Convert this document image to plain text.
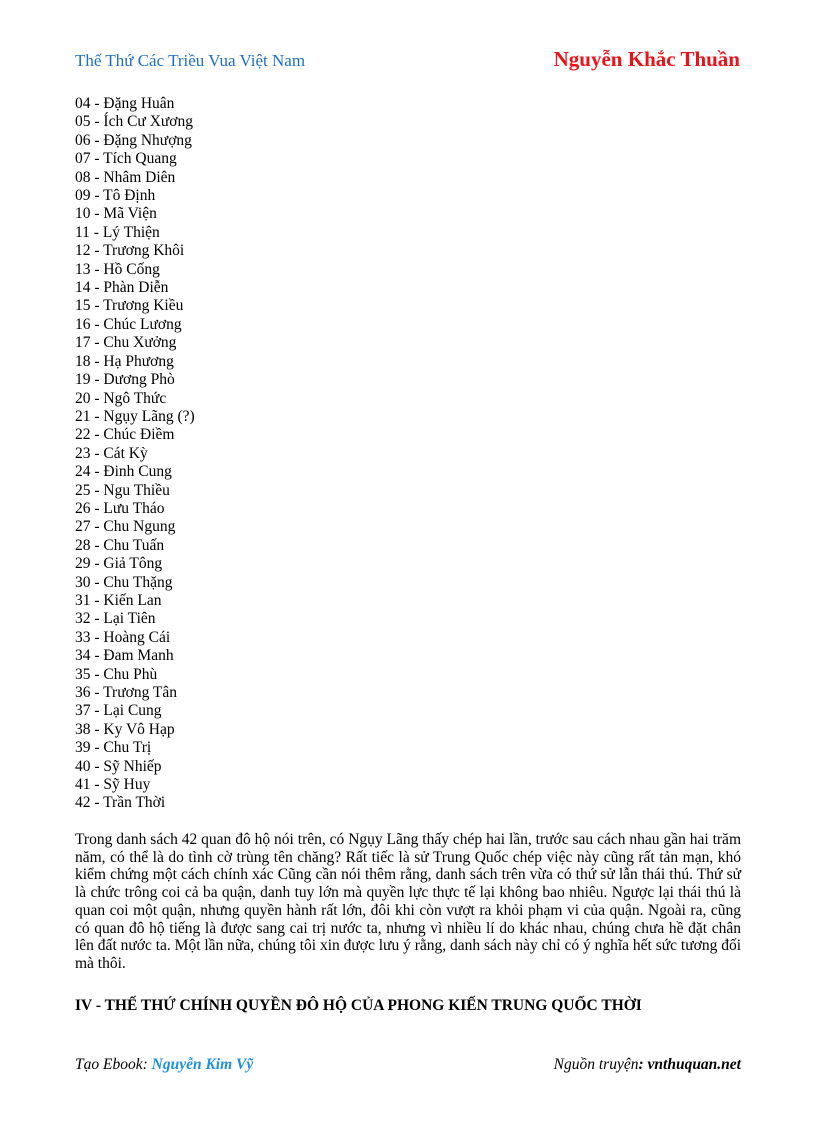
Thế Thứ Các Triều Vua Việt Nam	Nguyễn Khắc Thuần
04 - Đặng Huân
05 - Ích Cư Xương
06 - Đặng Nhượng
07 - Tích Quang
08 - Nhâm Diên
09 - Tô Định
10 - Mã Viện
11 - Lý Thiện
12 - Trương Khôi
13 - Hồ Cống
14 - Phàn Diễn
15 - Trương Kiều
16 - Chúc Lương
17 - Chu Xưởng
18 - Hạ Phương
19 - Dương Phò
20 - Ngô Thức
21 - Ngụy Lãng (?)
22 - Chúc Điềm
23 - Cát Kỳ
24 - Đinh Cung
25 - Ngu Thiều
26 - Lưu Tháo
27 - Chu Ngung
28 - Chu Tuấn
29 - Giả Tông
30 - Chu Thặng
31 - Kiến Lan
32 - Lại Tiên
33 - Hoàng Cái
34 - Đam Manh
35 - Chu Phù
36 - Trương Tân
37 - Lại Cung
38 - Ky Vô Hạp
39 - Chu Trị
40 - Sỹ Nhiếp
41 - Sỹ Huy
42 - Trần Thời

Trong danh sách 42 quan đô hộ nói trên, có Ngụy Lãng thấy chép hai lần, trước sau cách nhau gần hai trăm năm, có thể là do tình cờ trùng tên chăng? Rất tiếc là sử Trung Quốc chép việc này cũng rất tản mạn, khó kiểm chứng một cách chính xác Cũng cần nói thêm rằng, danh sách trên vừa có thứ sử lẫn thái thú. Thứ sử là chức trông coi cả ba quận, danh tuy lớn mà quyền lực thực tế lại không bao nhiêu. Ngược lại thái thú là quan coi một quận, nhưng quyền hành rất lớn, đôi khi còn vượt ra khỏi phạm vi của quận. Ngoài ra, cũng có quan đô hộ tiếng là được sang cai trị nước ta, nhưng vì nhiều lí do khác nhau, chúng chưa hề đặt chân lên đất nước ta. Một lần nữa, chúng tôi xin được lưu ý rằng, danh sách này chỉ có ý nghĩa hết sức tương đối mà thôi.

IV - THẾ THỨ CHÍNH QUYỀN ĐÔ HỘ CỦA PHONG KIẾN TRUNG QUỐC THỜI

Tạo Ebook: Nguyễn Kim Vỹ	Nguồn truyện: vnthuquan.net
